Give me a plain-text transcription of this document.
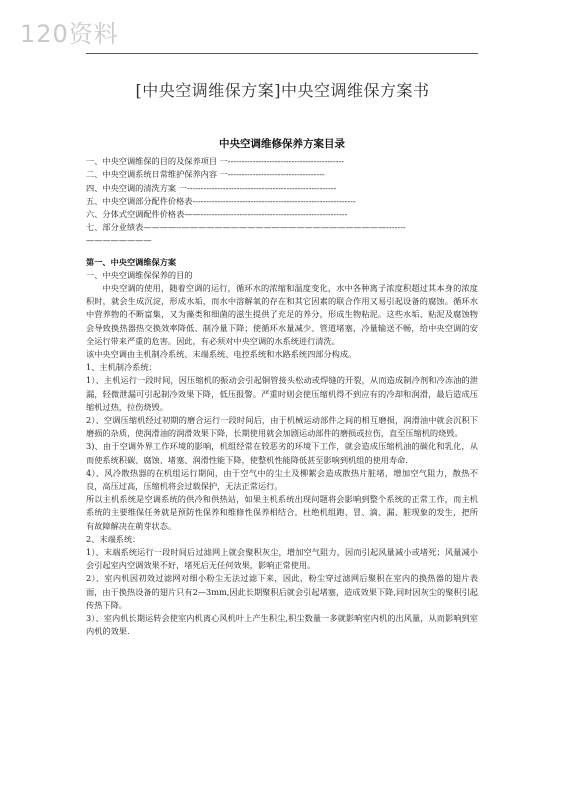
120资料
[中央空调维保方案]中央空调维保方案书
中央空调维修保养方案目录
一、中央空调维保的目的及保养项目 一------------------------------------------
二、中央空调系统日常维护保养内容 一-----------------------------------
四、中央空调的清洗方案 一------------------------------------------------------
五、中央空调部分配件价格表-----------------------------------------------------------
六、分体式空调配件价格表——-----------------------------------------------------
七、部分业绩表————--—————————————————————————-------
————————
第一、中央空调维保方案

一、中央空调维保保养的目的

中央空调的使用，随着空调的运行，循环水的浓缩和温度变化，水中各种离子浓度积超过其本身的浓度积时，就会生成沉淀，形成水垢，而水中溶解氧的存在和其它因素的联合作用又易引起设备的腐蚀。循环水中营养物的不断富集，又为藻类和细菌的滋生提供了充足的养分，形成生物粘泥。这些水垢、粘泥及腐蚀物会导致换热器热交换效率降低、制冷量下降；使循环水量减少、管道堵塞，冷量输送不畅，给中央空调的安全运行带来严重的危害。因此，有必须对中央空调的水系统进行清洗。

该中央空调由主机制冷系统、末端系统、电控系统和水路系统四部分构成。

1、主机制冷系统：

1）、主机运行一段时间，因压缩机的振动会引起铜管接头松动或焊缝的开裂，从而造成制冷剂和冷冻油的泄漏，轻微泄漏可引起制冷效果下降，低压报警。严重时则会使压缩机得不到应有的冷却和润滑，最后造成压缩机过热，拉伤烧毁。

2）、空调压缩机经过初期的磨合运行一段时间后，由于机械运动部件之间的相互磨损，润滑油中就会沉积下磨损的杂质，使润滑油的润滑效果下降，长期使用就会加剧运动部件的磨损或拉伤，直至压缩机的烧毁。

3)、由于空调外界工作环境的影响，机组经常在较恶劣的环境下工作，就会造成压缩机油的碳化和乳化，从而使系统积碳、腐蚀、堵塞、润滑性能下降，使整机性能降低甚至影响到机组的使用寿命.

4）、风冷散热器的在机组运行期间，由于空气中的尘土及柳絮会造成散热片脏堵，增加空气阻力，散热不良，高压过高，压缩机将会过载保护，无法正常运行。

所以主机系统是空调系统的供冷和供热站，如果主机系统出现问题将会影响到整个系统的正常工作，而主机系统的主要维保任务就是预防性保养和维修性保养相结合，杜绝机组跑、冒、滴、漏、脏现象的发生，把所有故障解决在萌芽状态。

2、末端系统：

1）、末端系统运行一段时间后过滤网上就会聚积灰尘，增加空气阻力，因而引起风量减小或堵死；风量减小会引起室内空调效果不好，堵死后无任何效果，影响正常使用。

2）、室内机因初效过滤网对细小粉尘无法过滤下来，因此，粉尘穿过滤网后聚积在室内的换热器的翅片表面，由于换热设备的翅片只有2—3mm,因此长期聚积后就会引起堵塞，造成效果下降,同时因灰尘的聚积引起传热下降。

3）、室内机长期运转会使室内机离心风机叶上产生积尘,积尘数量一多就影响室内机的出风量，从而影响到室内机的效果.
